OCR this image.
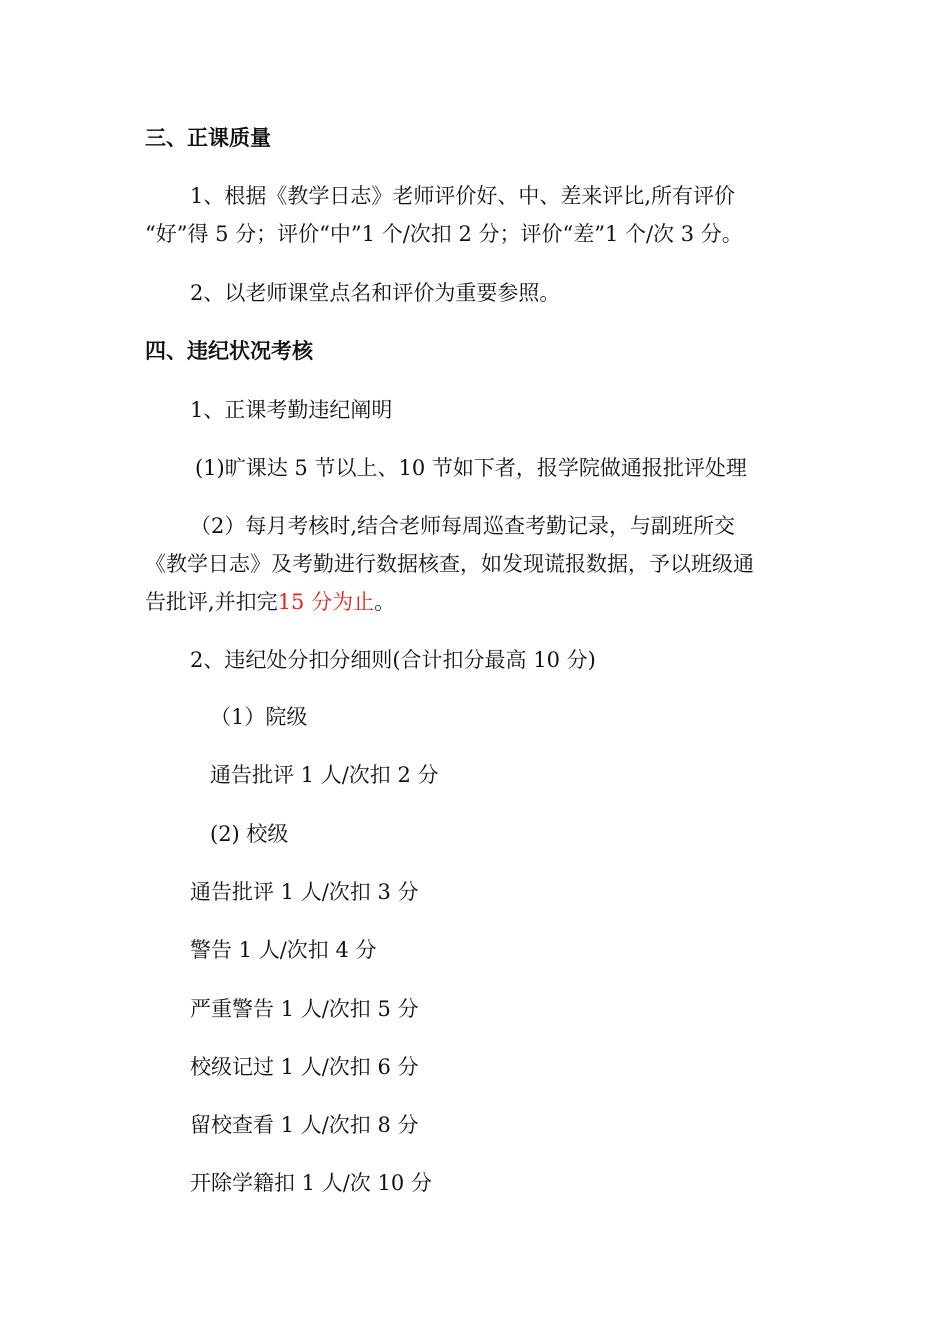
三、正课质量
1、根据《教学日志》老师评价好、中、差来评比,所有评价
“好”得 5 分；评价“中”1 个/次扣 2 分；评价“差”1 个/次 3 分。
2、以老师课堂点名和评价为重要参照。
四、违纪状况考核
1、正课考勤违纪阐明
(1)旷课达 5 节以上、10 节如下者，报学院做通报批评处理
（2）每月考核时,结合老师每周巡查考勤记录，与副班所交
《教学日志》及考勤进行数据核查，如发现谎报数据，予以班级通
告批评,并扣完15 分为止。
2、违纪处分扣分细则(合计扣分最高 10 分)
（1）院级
通告批评 1 人/次扣 2 分
(2) 校级
通告批评 1 人/次扣 3 分
警告 1 人/次扣 4 分
严重警告 1 人/次扣 5 分
校级记过 1 人/次扣 6 分
留校查看 1 人/次扣 8 分
开除学籍扣 1 人/次 10 分
